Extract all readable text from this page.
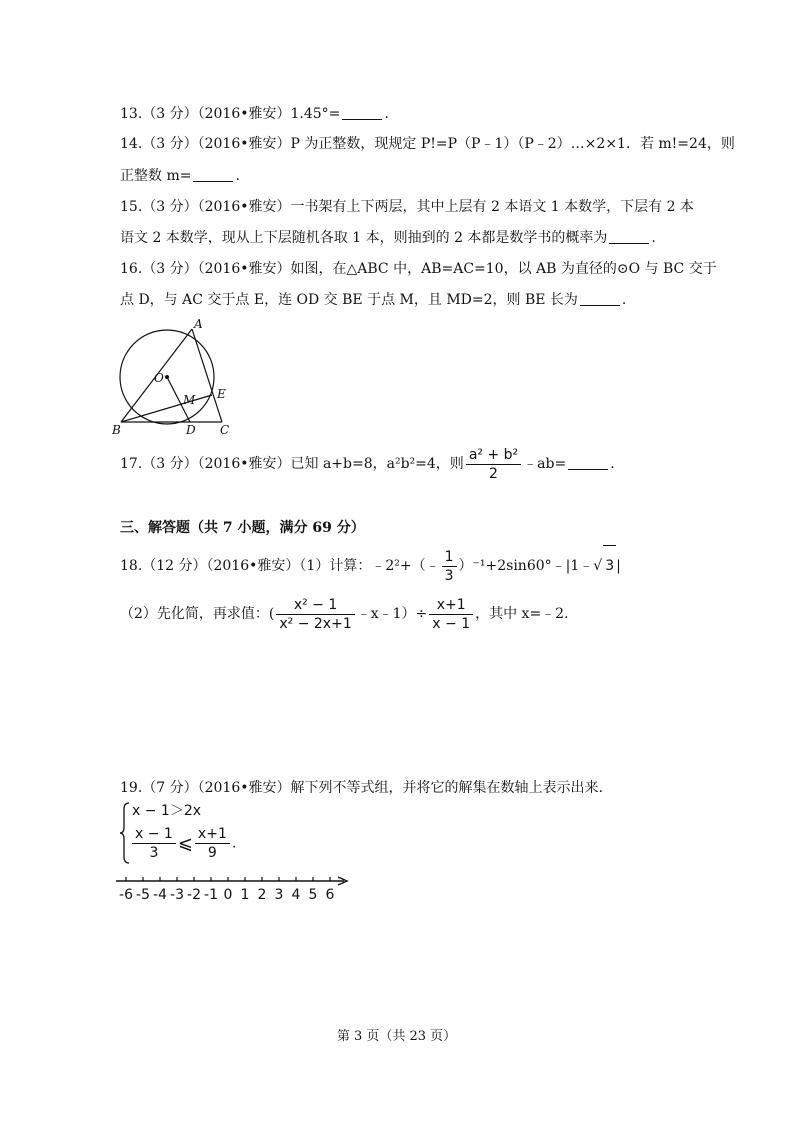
13.（3 分）（2016•雅安）1.45°=	.
14.（3 分）（2016•雅安）P 为正整数，现规定 P!=P（P﹣1）（P﹣2）…×2×1．若 m!=24，则
正整数 m=	.
15.（3 分）（2016•雅安）一书架有上下两层，其中上层有 2 本语文 1 本数学，下层有 2 本
语文 2 本数学，现从上下层随机各取 1 本，则抽到的 2 本都是数学书的概率为	.
16.（3 分）（2016•雅安）如图，在△ABC 中，AB=AC=10，以 AB 为直径的⊙O 与 BC 交于
点 D，与 AC 交于点 E，连 OD 交 BE 于点 M，且 MD=2，则 BE 长为	.
A
O
M E
B	D C
17.（3 分）（2016•雅安）已知 a+b=8，a²b²=4，则 $\frac{\text{a² + b²}}{2}$ ﹣ab=	.
三、解答题（共 7 小题，满分 69 分）
18.（12 分）（2016•雅安）（1）计算：﹣2²+（﹣ $\frac{1}{3}$ ）⁻¹+2sin60°﹣|1﹣√ 3 |
（2）先化简，再求值：( $\frac{\text{x² − 1}}{\text{x² − 2x+1}}$ ﹣x﹣1）÷ $\frac{x+1}{x - 1}$ ，其中 x=﹣2.
19.（7 分）（2016•雅安）解下列不等式组，并将它的解集在数轴上表示出来.
x − 1＞2x
$\frac{x - 1}{3}$ ⩽ $\frac{x+1}{9}$ .
-6 -5 -4 -3 -2 -1 0 1 2 3 4 5 6
第 3 页（共 23 页）
